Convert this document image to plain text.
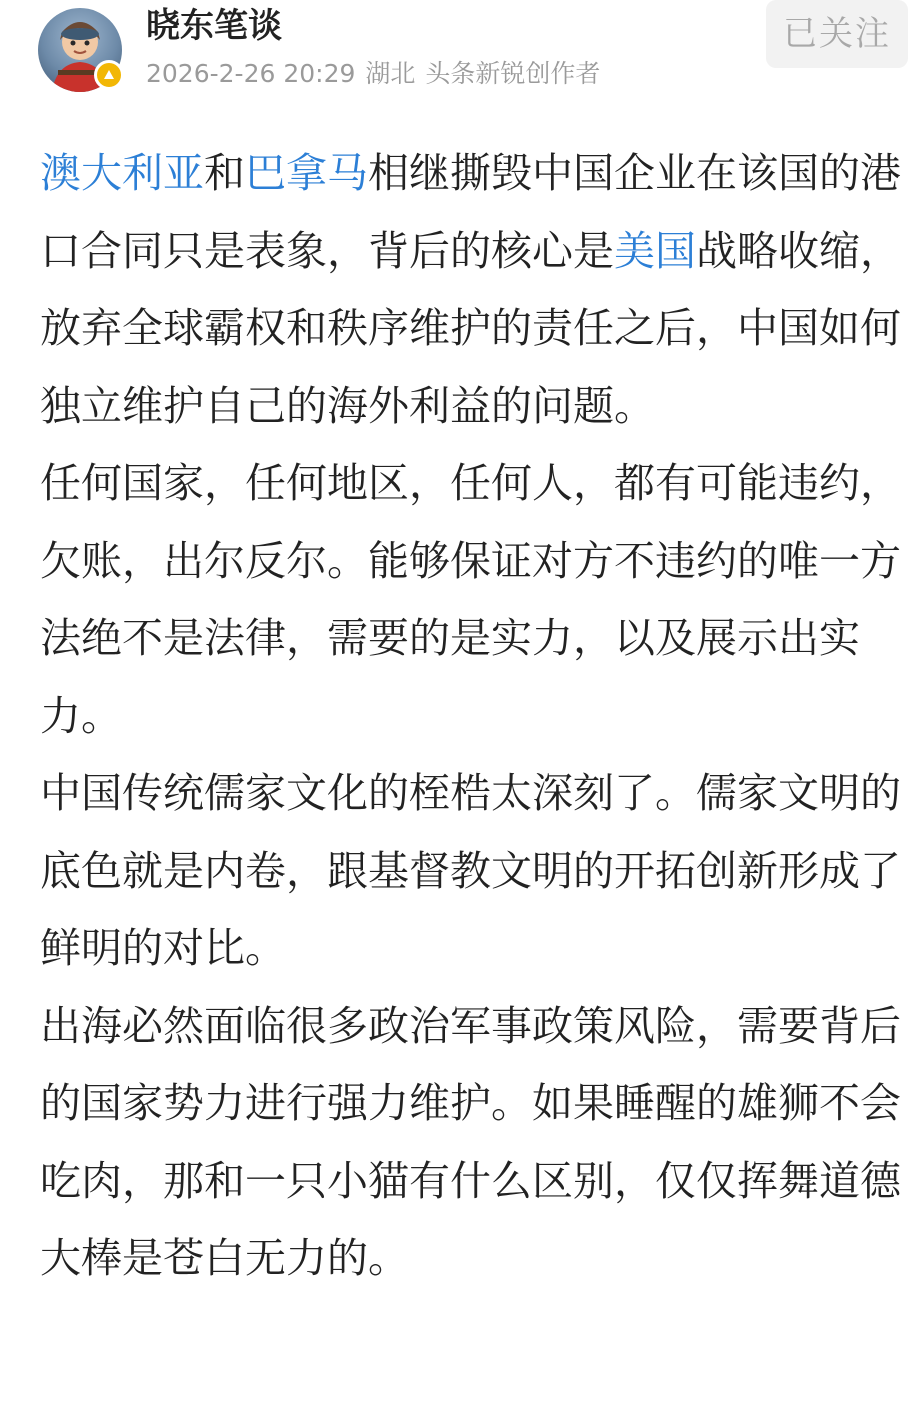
晓东笔谈
2026-2-26 20:29 湖北 头条新锐创作者
已关注

澳大利亚和巴拿马相继撕毁中国企业在该国的港口合同只是表象，背后的核心是美国战略收缩，放弃全球霸权和秩序维护的责任之后，中国如何独立维护自己的海外利益的问题。

任何国家，任何地区，任何人，都有可能违约，欠账，出尔反尔。能够保证对方不违约的唯一方法绝不是法律，需要的是实力，以及展示出实力。

中国传统儒家文化的桎梏太深刻了。儒家文明的底色就是内卷，跟基督教文明的开拓创新形成了鲜明的对比。

出海必然面临很多政治军事政策风险，需要背后的国家势力进行强力维护。如果睡醒的雄狮不会吃肉，那和一只小猫有什么区别，仅仅挥舞道德大棒是苍白无力的。
